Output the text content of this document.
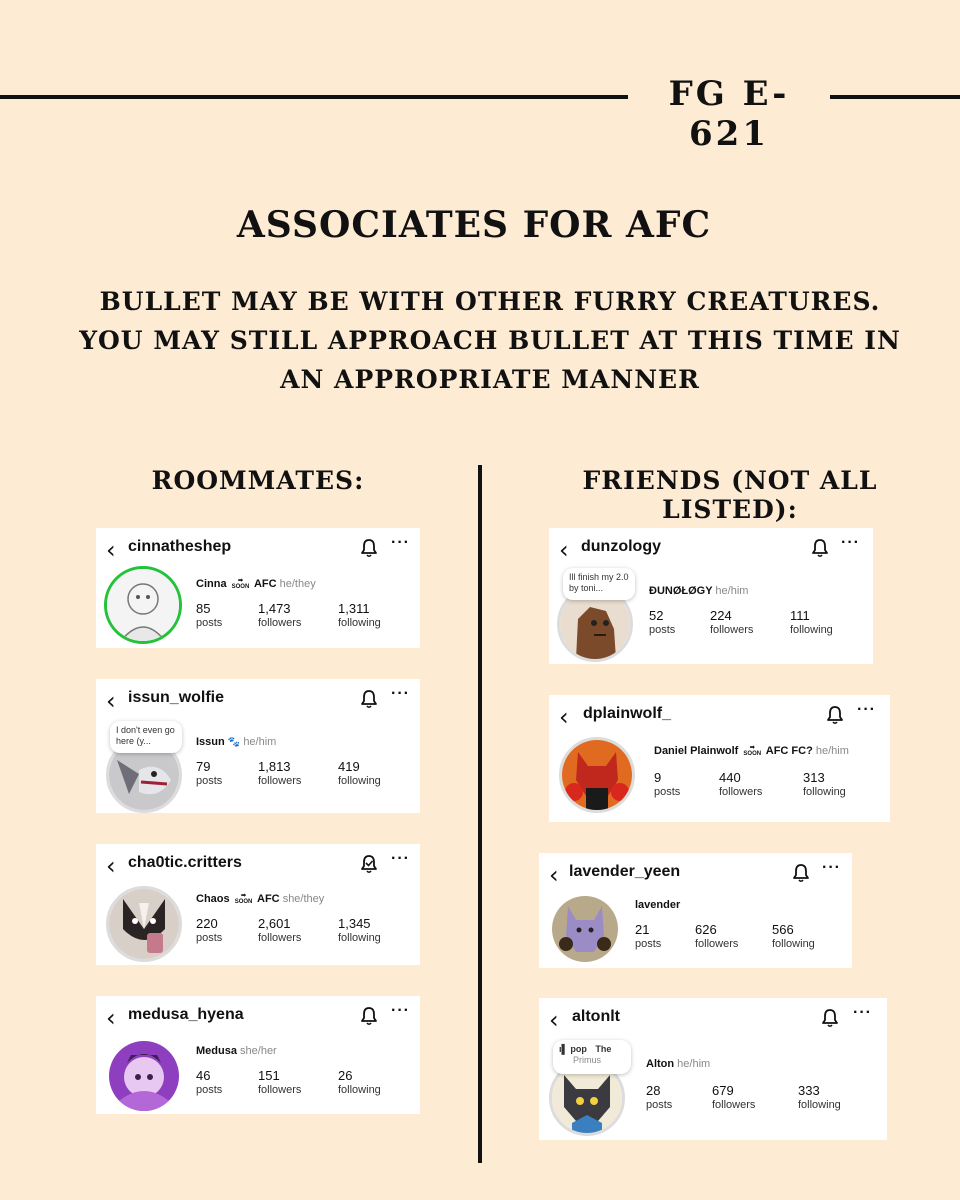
FG E-621
ASSOCIATES FOR AFC
BULLET MAY BE WITH OTHER FURRY CREATURES.
YOU MAY STILL APPROACH BULLET AT THIS TIME IN
AN APPROPRIATE MANNER
ROOMMATES:	FRIENDS (NOT ALL LISTED):
‹ cinnatheshep	···
Cinna ➡
SOON AFC he/they
85
posts
1,473
followers
1,311
following
‹ issun_wolfie	···
I don't even go here (y...	Issun 🐾 he/him
79
posts
1,813
followers
419
following
‹ cha0tic.critters	···
Chaos ➡
SOON AFC she/they
220
posts
2,601
followers
1,345
following
‹ medusa_hyena	···
Medusa she/her
46
posts
151
followers
26
following
‹ dunzology	···
Ill finish my 2.0 by toni...	ĐUNØŁØGY he/him
52
posts
224
followers
111
following
‹ dplainwolf_	···
Daniel Plainwolf ➡
SOON AFC FC? he/him
9
posts
440
followers
313
following
‹ lavender_yeen	···
lavender
21
posts
626
followers
566
following
‹ altonlt	···
ı▌ pop The
Primus	Alton he/him
28
posts
679
followers
333
following
